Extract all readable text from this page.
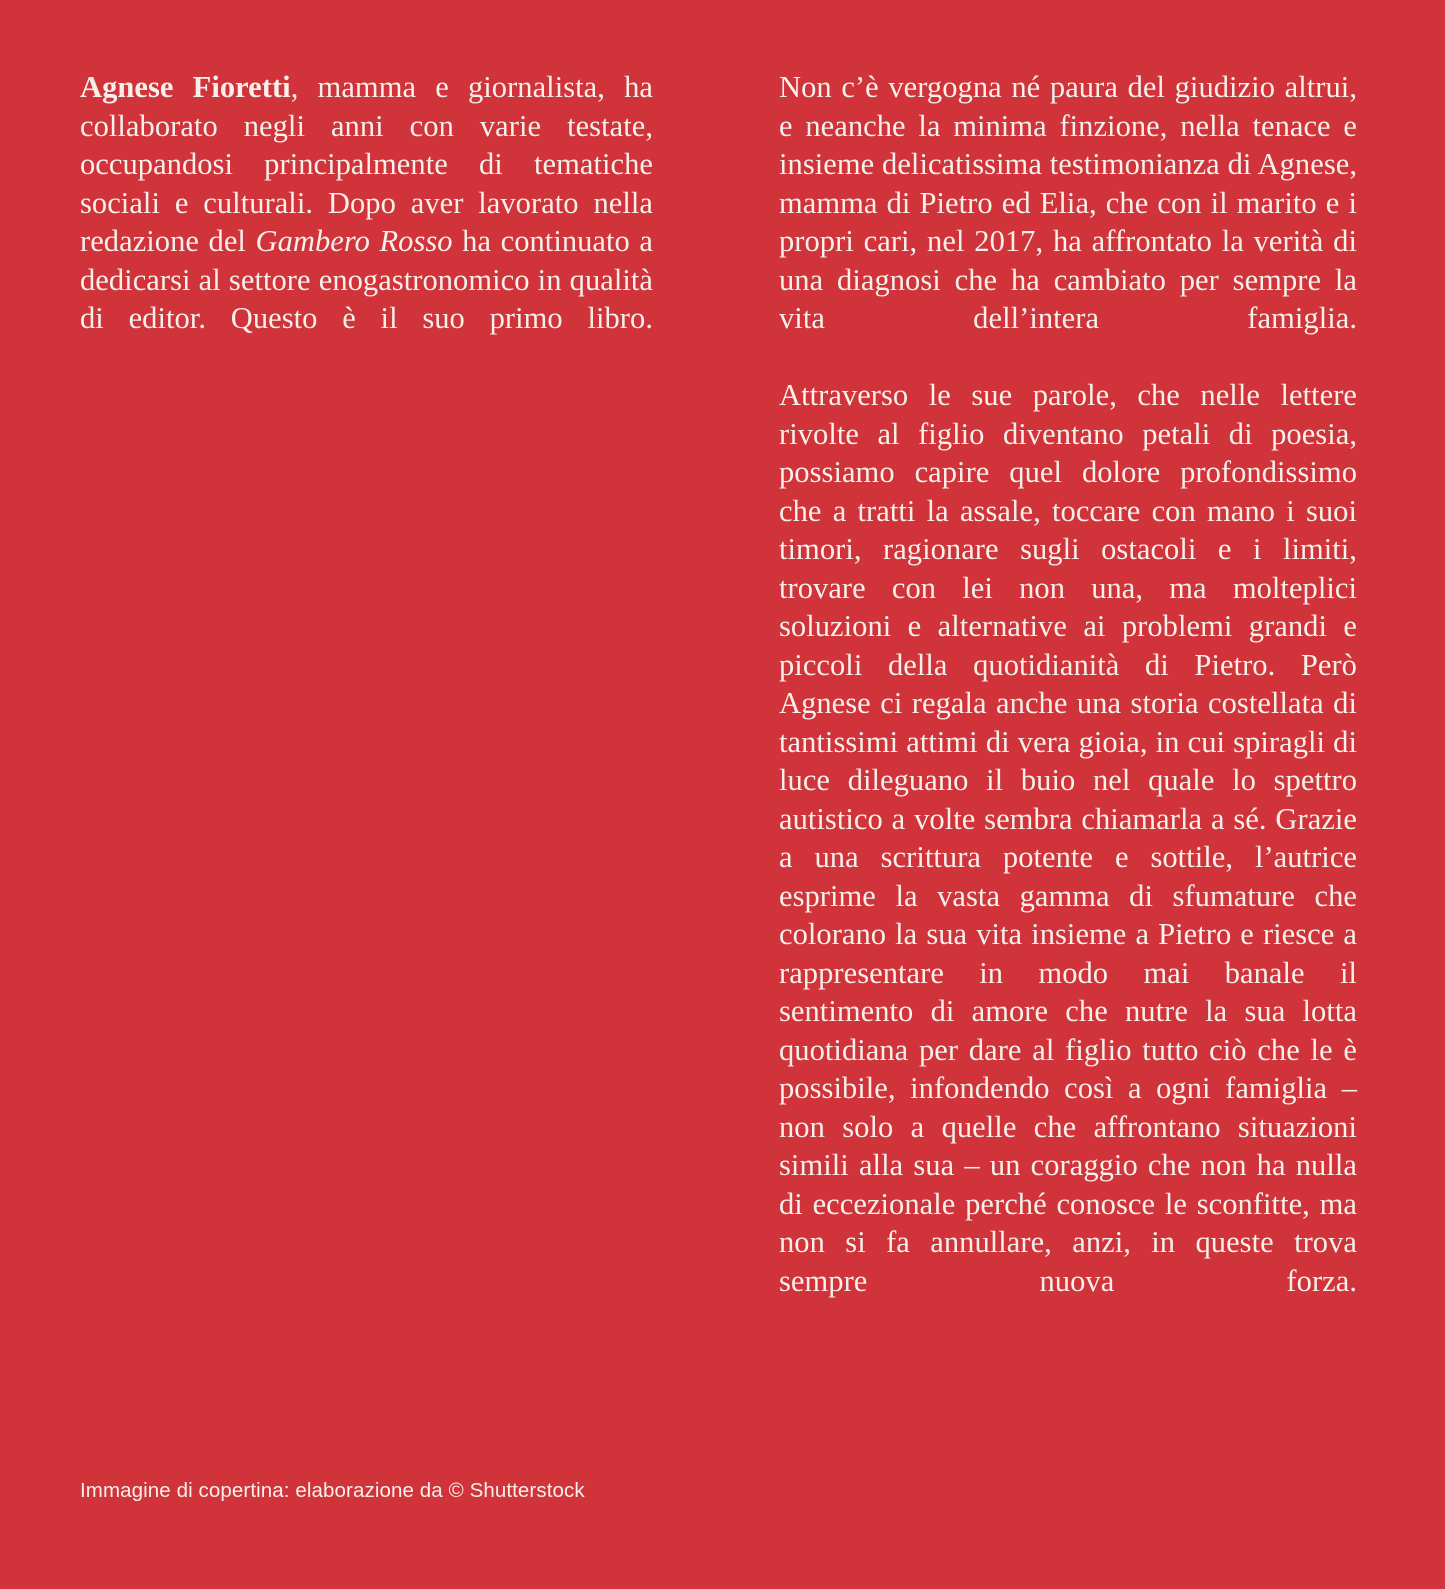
Agnese Fioretti, mamma e giornalista, ha collaborato negli anni con varie testate, occupandosi principalmente di tematiche sociali e culturali. Dopo aver lavorato nella redazione del Gambero Rosso ha continuato a dedicarsi al settore enogastronomico in qualità di editor. Questo è il suo primo libro.

Non c’è vergogna né paura del giudizio altrui, e neanche la minima finzione, nella tenace e insieme delicatissima testimonianza di Agnese, mamma di Pietro ed Elia, che con il marito e i propri cari, nel 2017, ha affrontato la verità di una diagnosi che ha cambiato per sempre la vita dell’intera famiglia.

Attraverso le sue parole, che nelle lettere rivolte al figlio diventano petali di poesia, possiamo capire quel dolore profondissimo che a tratti la assale, toccare con mano i suoi timori, ragionare sugli ostacoli e i limiti, trovare con lei non una, ma molteplici soluzioni e alternative ai problemi grandi e piccoli della quotidianità di Pietro. Però Agnese ci regala anche una storia costellata di tantissimi attimi di vera gioia, in cui spiragli di luce dileguano il buio nel quale lo spettro autistico a volte sembra chiamarla a sé. Grazie a una scrittura potente e sottile, l’autrice esprime la vasta gamma di sfumature che colorano la sua vita insieme a Pietro e riesce a rappresentare in modo mai banale il sentimento di amore che nutre la sua lotta quotidiana per dare al figlio tutto ciò che le è possibile, infondendo così a ogni famiglia – non solo a quelle che affrontano situazioni simili alla sua – un coraggio che non ha nulla di eccezionale perché conosce le sconfitte, ma non si fa annullare, anzi, in queste trova sempre nuova forza.

Immagine di copertina: elaborazione da © Shutterstock
